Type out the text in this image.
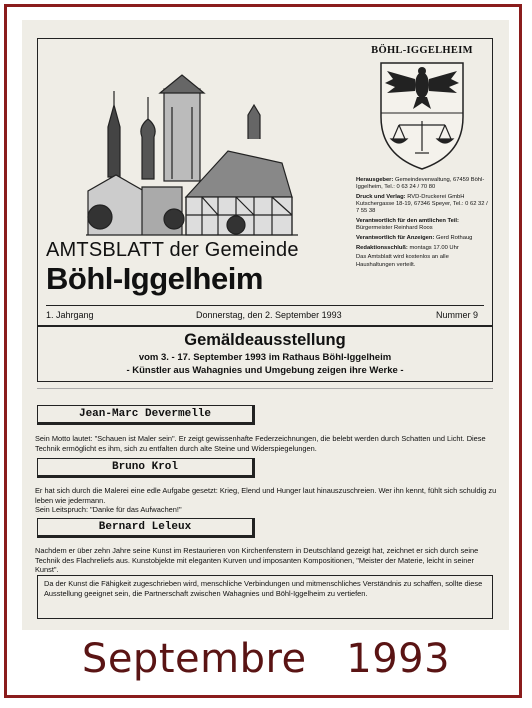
AMTSBLATT der Gemeinde
Böhl-Iggelheim
1. Jahrgang	Donnerstag, den 2. September 1993	Nummer 9
BÖHL-IGGELHEIM
Herausgeber: Gemeindeverwaltung, 67459 Böhl-Iggelheim, Tel.: 0 63 24 / 70 80
Druck und Verlag: RVD-Druckerei GmbH Kutschergasse 18-19, 67346 Speyer, Tel.: 0 62 32 / 7 55 38
Verantwortlich für den amtlichen Teil: Bürgermeister Reinhard Roos
Verantwortlich für Anzeigen: Gerd Rothaug
Redaktionsschluß: montags 17.00 Uhr
Das Amtsblatt wird kostenlos an alle Haushaltungen verteilt.
Gemäldeausstellung
vom 3. - 17. September 1993 im Rathaus Böhl-Iggelheim
- Künstler aus Wahagnies und Umgebung zeigen ihre Werke -
Jean-Marc Devermelle
Sein Motto lautet: "Schauen ist Maler sein". Er zeigt gewissenhafte Federzeichnungen, die belebt werden durch Schatten und Licht. Diese Technik ermöglicht es ihm, sich zu entfalten durch alte Steine und Widerspiegelungen.
Bruno Krol
Er hat sich durch die Malerei eine edle Aufgabe gesetzt: Krieg, Elend und Hunger laut hinauszuschreien. Wer ihn kennt, fühlt sich schuldig zu leben wie jedermann.
Sein Leitspruch: "Danke für das Aufwachen!"
Bernard Leleux
Nachdem er über zehn Jahre seine Kunst im Restaurieren von Kirchenfenstern in Deutschland gezeigt hat, zeichnet er sich durch seine Technik des Flachreliefs aus. Kunstobjekte mit eleganten Kurven und imposanten Kompositionen, "Meister der Materie, leicht in seiner Kunst".
Da der Kunst die Fähigkeit zugeschrieben wird, menschliche Verbindungen und mitmenschliches Verständnis zu schaffen, sollte diese Ausstellung geeignet sein, die Partnerschaft zwischen Wahagnies und Böhl-Iggelheim zu vertiefen.
Septembre   1993
